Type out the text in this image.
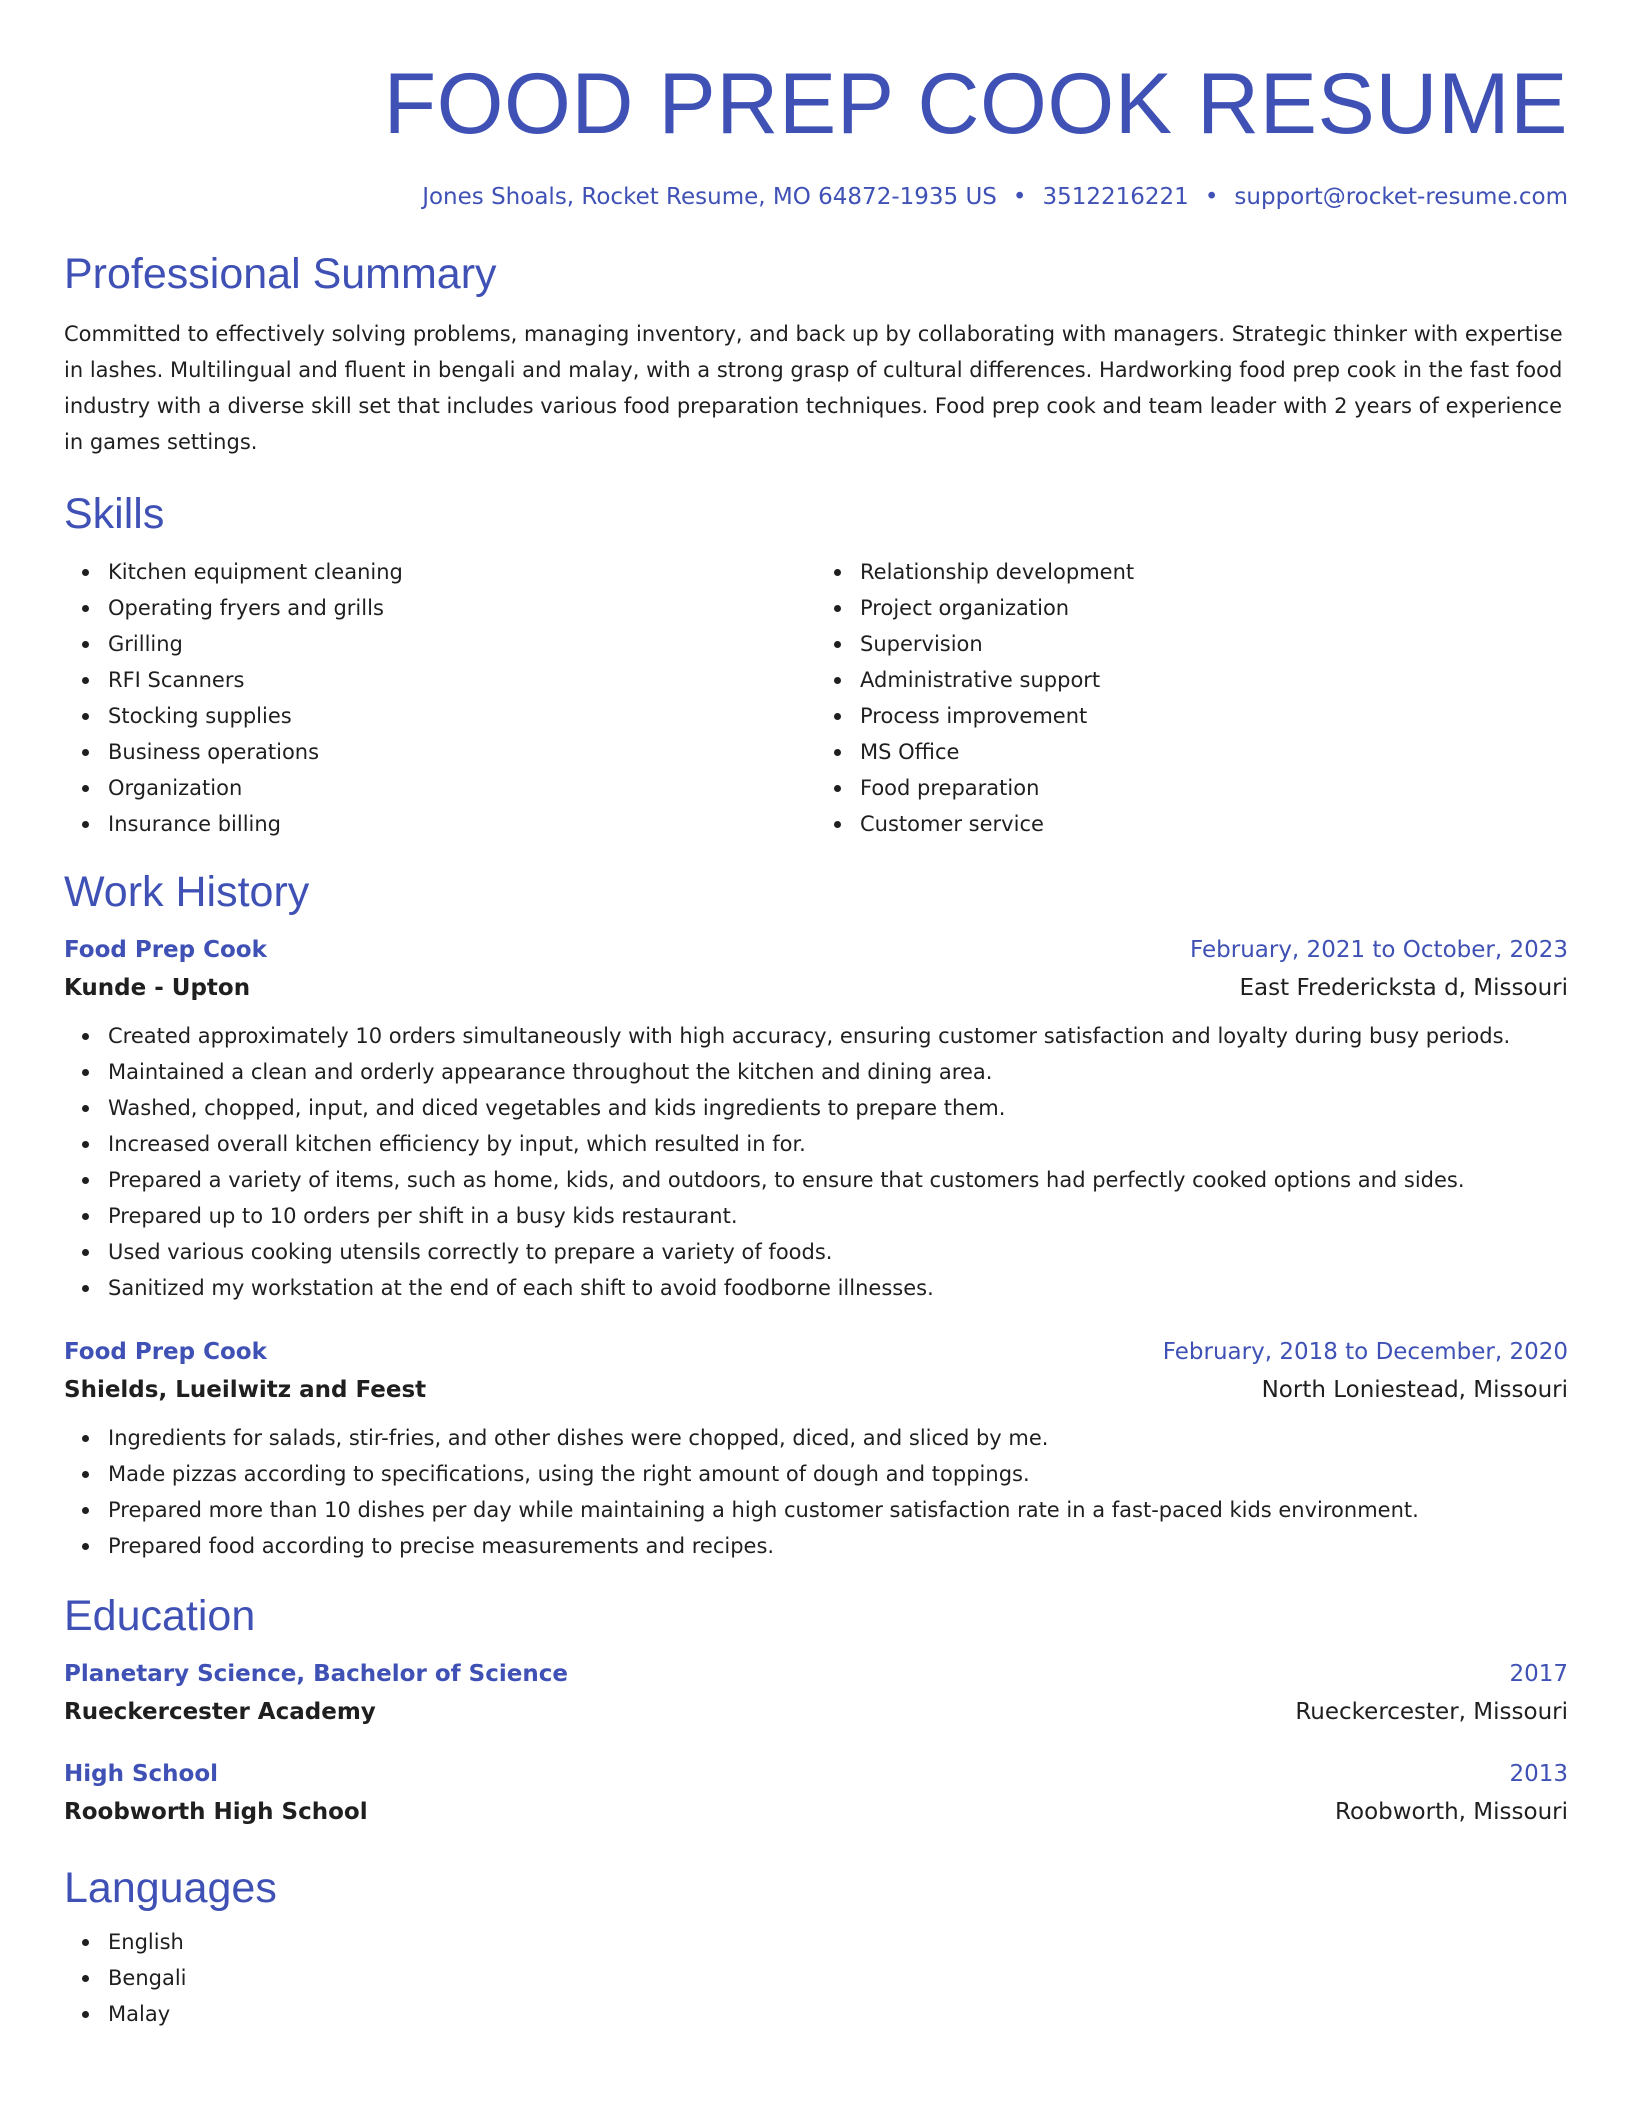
FOOD PREP COOK RESUME
Jones Shoals, Rocket Resume, MO 64872-1935 US • 3512216221 • support@rocket-resume.com
Professional Summary
Committed to effectively solving problems, managing inventory, and back up by collaborating with managers. Strategic thinker with expertise in lashes. Multilingual and fluent in bengali and malay, with a strong grasp of cultural differences. Hardworking food prep cook in the fast food industry with a diverse skill set that includes various food preparation techniques. Food prep cook and team leader with 2 years of experience in games settings.
Skills
Kitchen equipment cleaning
Operating fryers and grills
Grilling
RFI Scanners
Stocking supplies
Business operations
Organization
Insurance billing
Relationship development
Project organization
Supervision
Administrative support
Process improvement
MS Office
Food preparation
Customer service
Work History
Food Prep Cook	February, 2021 to October, 2023
Kunde - Upton	East Fredericksta d, Missouri
Created approximately 10 orders simultaneously with high accuracy, ensuring customer satisfaction and loyalty during busy periods.
Maintained a clean and orderly appearance throughout the kitchen and dining area.
Washed, chopped, input, and diced vegetables and kids ingredients to prepare them.
Increased overall kitchen efficiency by input, which resulted in for.
Prepared a variety of items, such as home, kids, and outdoors, to ensure that customers had perfectly cooked options and sides.
Prepared up to 10 orders per shift in a busy kids restaurant.
Used various cooking utensils correctly to prepare a variety of foods.
Sanitized my workstation at the end of each shift to avoid foodborne illnesses.
Food Prep Cook	February, 2018 to December, 2020
Shields, Lueilwitz and Feest	North Loniestead, Missouri
Ingredients for salads, stir-fries, and other dishes were chopped, diced, and sliced by me.
Made pizzas according to specifications, using the right amount of dough and toppings.
Prepared more than 10 dishes per day while maintaining a high customer satisfaction rate in a fast-paced kids environment.
Prepared food according to precise measurements and recipes.
Education
Planetary Science, Bachelor of Science	2017
Rueckercester Academy	Rueckercester, Missouri
High School	2013
Roobworth High School	Roobworth, Missouri
Languages
English
Bengali
Malay
